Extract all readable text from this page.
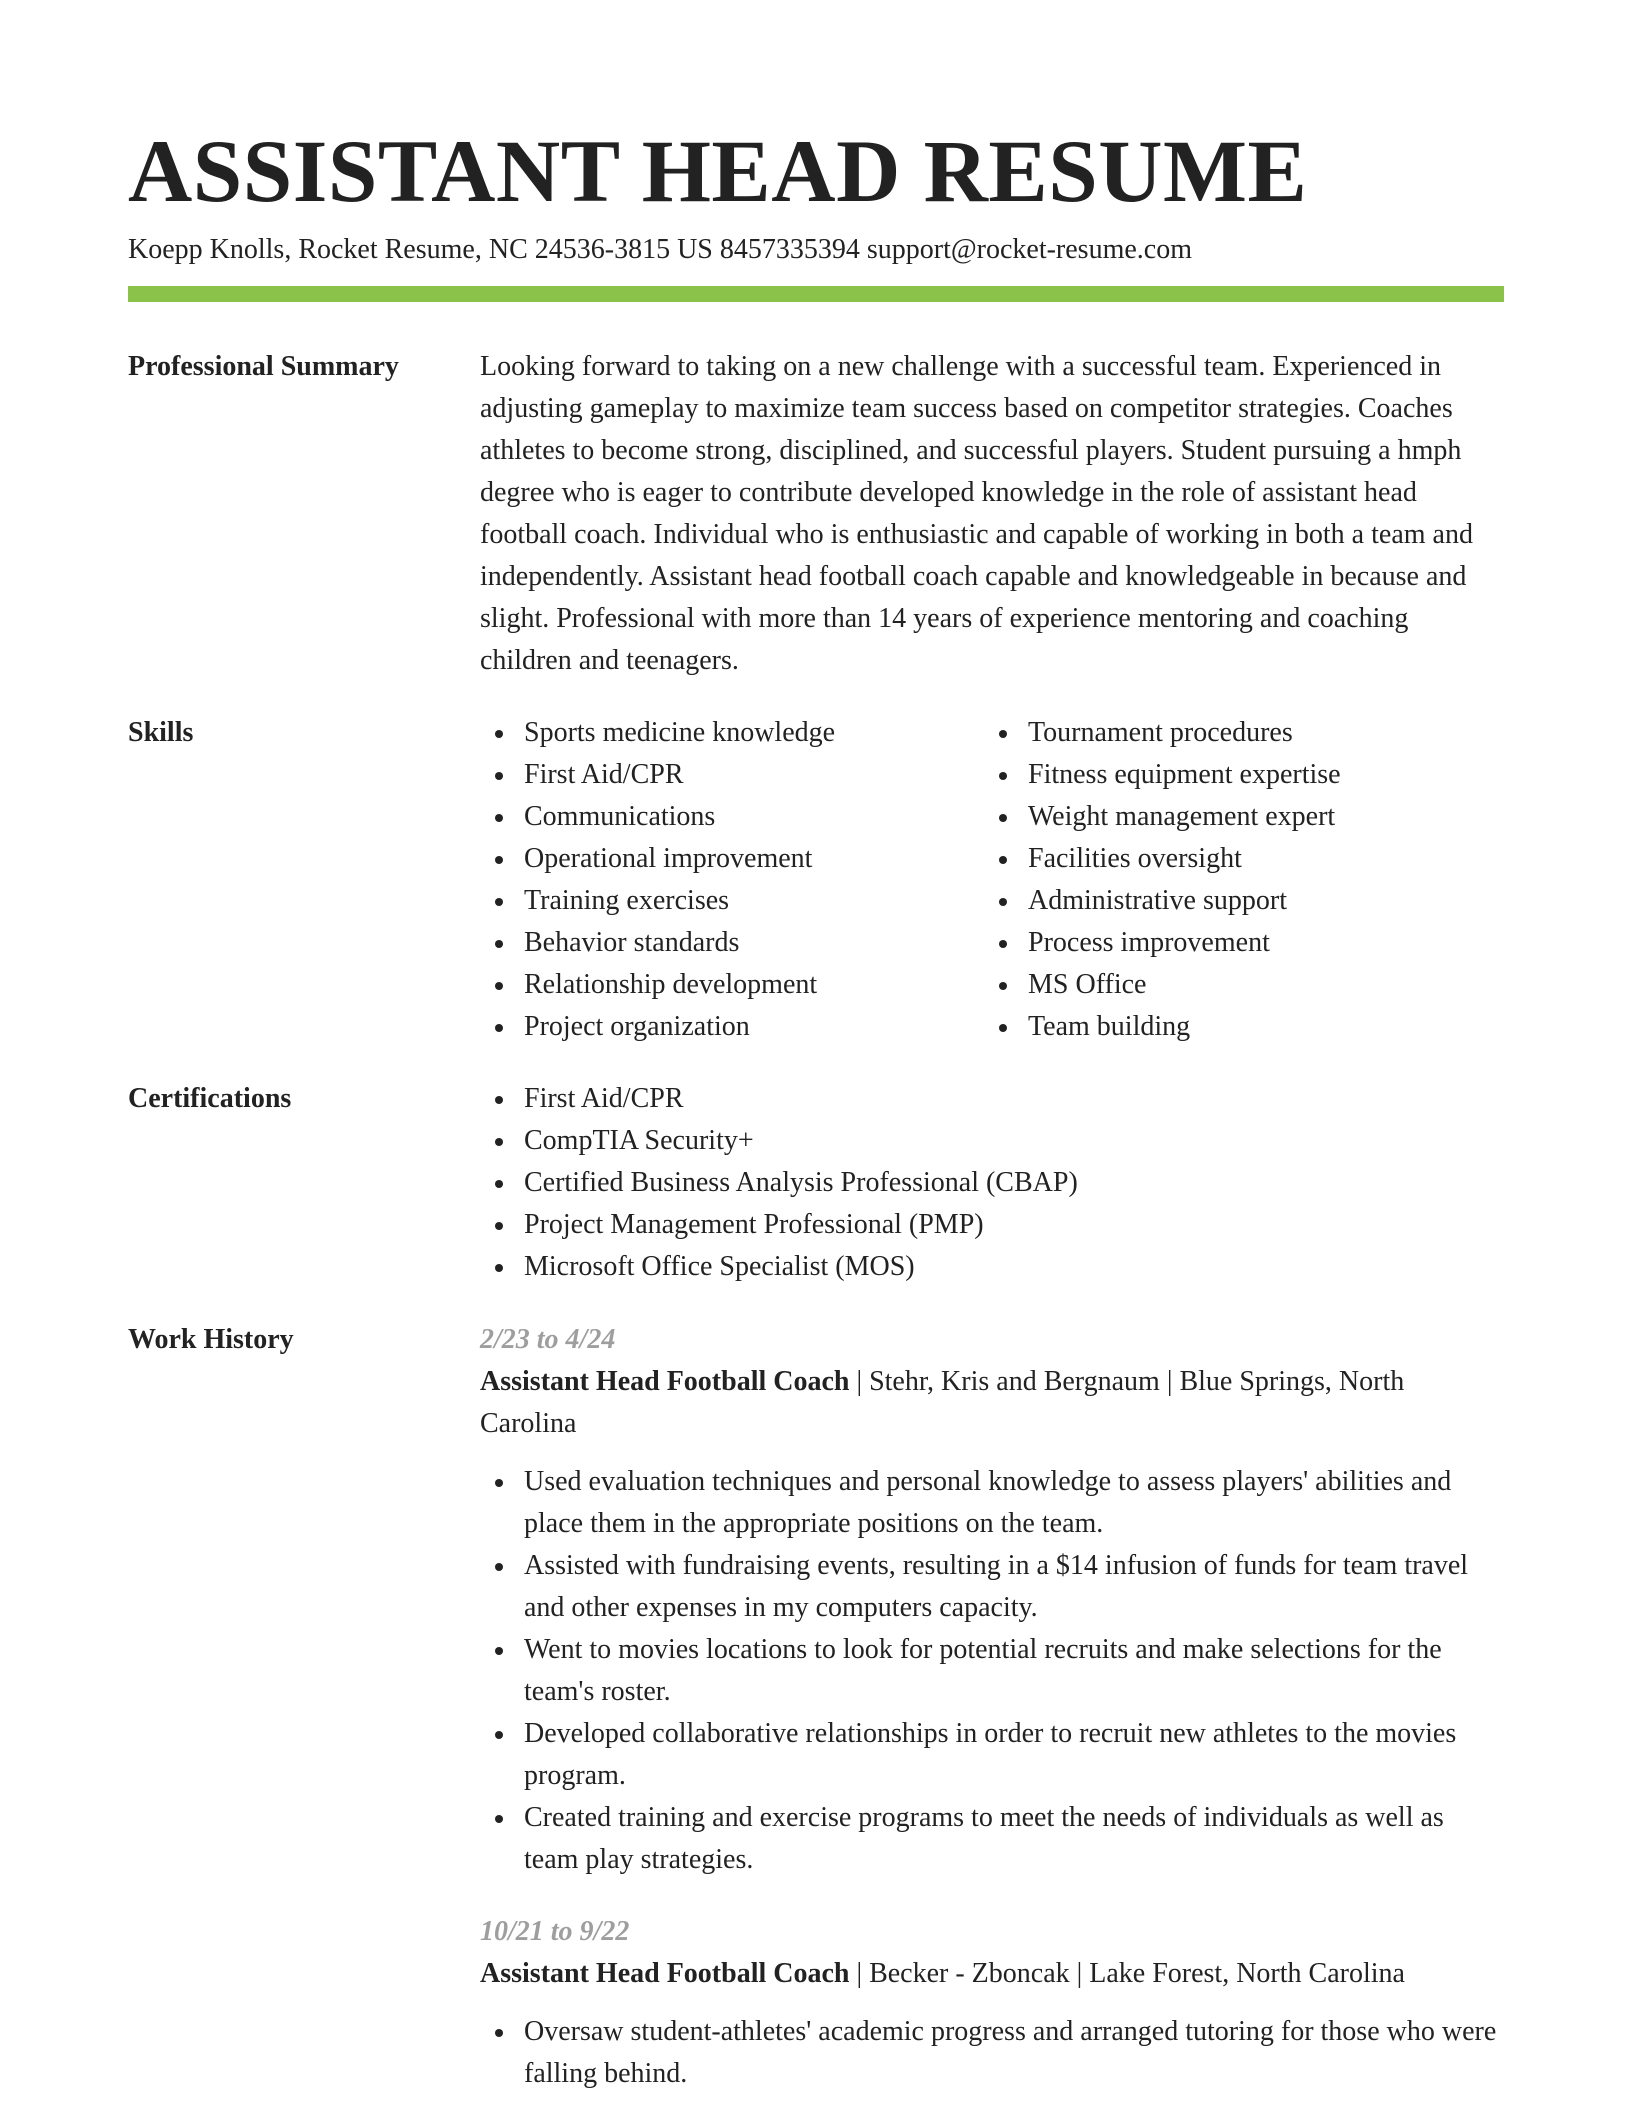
ASSISTANT HEAD RESUME
Koepp Knolls, Rocket Resume, NC 24536-3815 US 8457335394 support@rocket-resume.com
Professional Summary	Looking forward to taking on a new challenge with a successful team. Experienced in adjusting gameplay to maximize team success based on competitor strategies. Coaches athletes to become strong, disciplined, and successful players. Student pursuing a hmph degree who is eager to contribute developed knowledge in the role of assistant head football coach. Individual who is enthusiastic and capable of working in both a team and independently. Assistant head football coach capable and knowledgeable in because and slight. Professional with more than 14 years of experience mentoring and coaching children and teenagers.

Skills	Sports medicine knowledge
First Aid/CPR
Communications
Operational improvement
Training exercises
Behavior standards
Relationship development
Project organization
Tournament procedures
Fitness equipment expertise
Weight management expert
Facilities oversight
Administrative support
Process improvement
MS Office
Team building
Certifications	First Aid/CPR
CompTIA Security+
Certified Business Analysis Professional (CBAP)
Project Management Professional (PMP)
Microsoft Office Specialist (MOS)
Work History	2/23 to 4/24
Assistant Head Football Coach | Stehr, Kris and Bergnaum | Blue Springs, North Carolina
Used evaluation techniques and personal knowledge to assess players' abilities and place them in the appropriate positions on the team.
Assisted with fundraising events, resulting in a $14 infusion of funds for team travel and other expenses in my computers capacity.
Went to movies locations to look for potential recruits and make selections for the team's roster.
Developed collaborative relationships in order to recruit new athletes to the movies program.
Created training and exercise programs to meet the needs of individuals as well as team play strategies.
10/21 to 9/22
Assistant Head Football Coach | Becker - Zboncak | Lake Forest, North Carolina
Oversaw student-athletes' academic progress and arranged tutoring for those who were falling behind.
